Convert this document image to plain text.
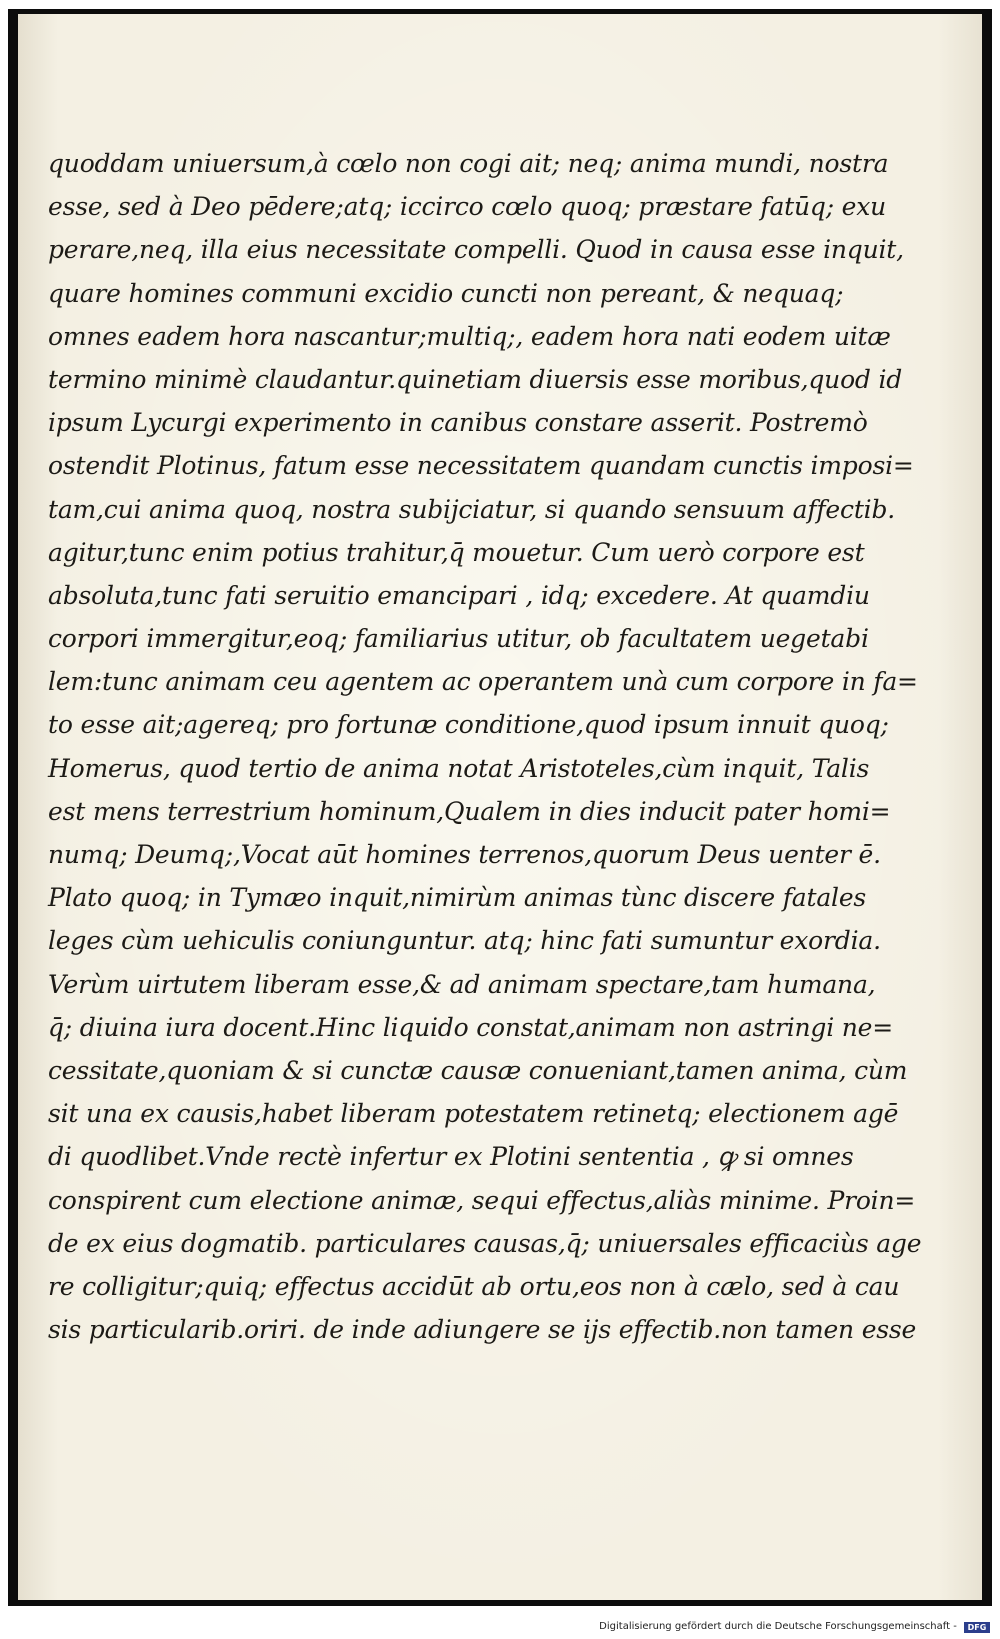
quoddam uniuersum,à cœlo non cogi ait; neq; anima mundi, nostra
esse, sed à Deo pēdere;atq; iccirco cœlo quoq; præstare fatūq; exu
perare,neq, illa eius necessitate compelli. Quod in causa esse inquit,
quare homines communi excidio cuncti non pereant, & nequaq;
omnes eadem hora nascantur;multiq;, eadem hora nati eodem uitæ
termino minimè claudantur.quinetiam diuersis esse moribus,quod id
ipsum Lycurgi experimento in canibus constare asserit. Postremò
ostendit Plotinus, fatum esse necessitatem quandam cunctis imposi=
tam,cui anima quoq, nostra subijciatur, si quando sensuum affectib.
agitur,tunc enim potius trahitur,q̄ mouetur. Cum uerò corpore est
absoluta,tunc fati seruitio emancipari , idq; excedere. At quamdiu
corpori immergitur,eoq; familiarius utitur, ob facultatem uegetabi
lem:tunc animam ceu agentem ac operantem unà cum corpore in fa=
to esse ait;agereq; pro fortunæ conditione,quod ipsum innuit quoq;
Homerus, quod tertio de anima notat Aristoteles,cùm inquit, Talis
est mens terrestrium hominum,Qualem in dies inducit pater homi=
numq; Deumq;,Vocat aūt homines terrenos,quorum Deus uenter ē.
Plato quoq; in Tymæo inquit,nimirùm animas tùnc discere fatales
leges cùm uehiculis coniunguntur. atq; hinc fati sumuntur exordia.
Verùm uirtutem liberam esse,& ad animam spectare,tam humana,
q̄; diuina iura docent.Hinc liquido constat,animam non astringi ne=
cessitate,quoniam & si cunctæ causæ conueniant,tamen anima, cùm
sit una ex causis,habet liberam potestatem retinetq; electionem agē
di quodlibet.Vnde rectè infertur ex Plotini sententia , ꝙ si omnes
conspirent cum electione animæ, sequi effectus,aliàs minime. Proin=
de ex eius dogmatib. particulares causas,q̄; uniuersales efficaciùs age
re colligitur;quiq; effectus accidūt ab ortu,eos non à cælo, sed à cau
sis particularib.oriri. de inde adiungere se ijs effectib.non tamen esse
Digitalisierung gefördert durch die Deutsche Forschungsgemeinschaft - DFG
